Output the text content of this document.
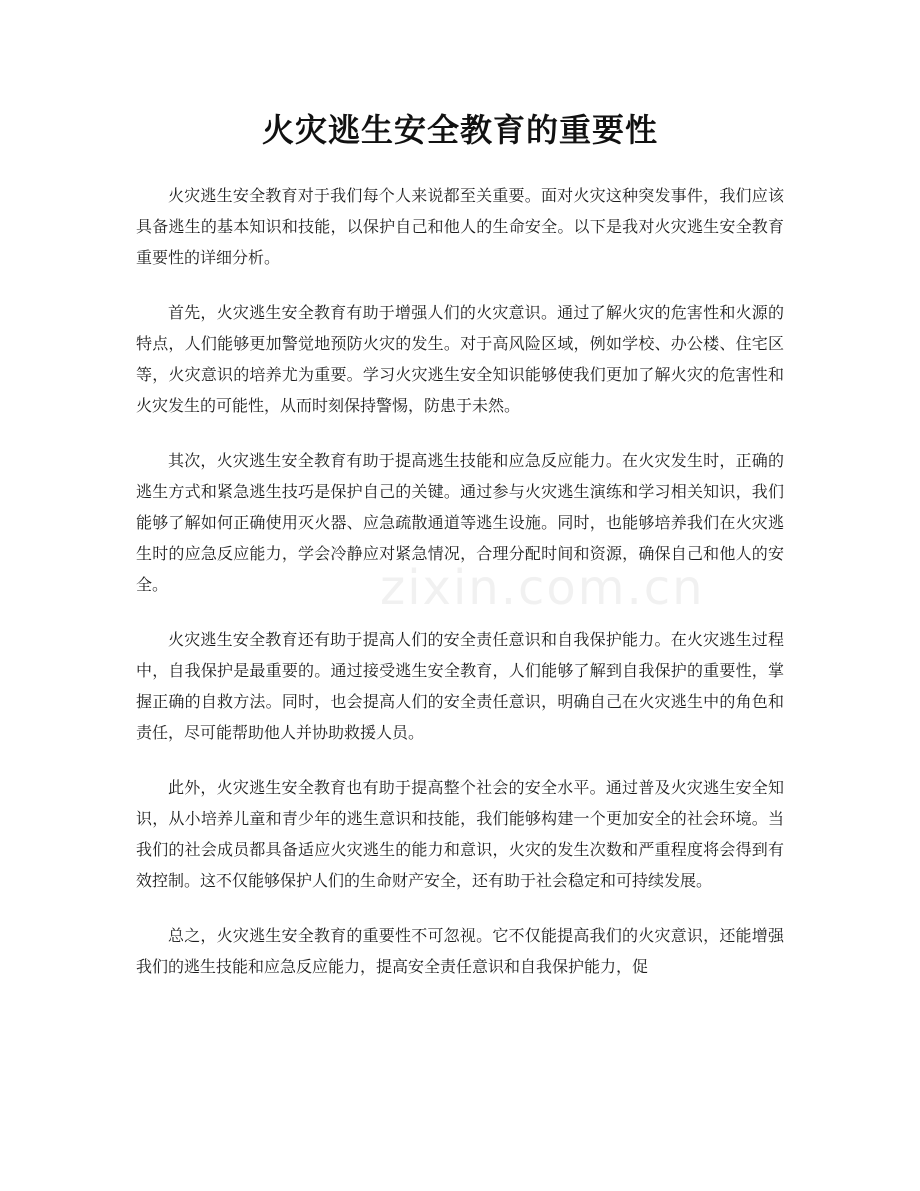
火灾逃生安全教育的重要性

火灾逃生安全教育对于我们每个人来说都至关重要。面对火灾这种突发事件，我们应该具备逃生的基本知识和技能，以保护自己和他人的生命安全。以下是我对火灾逃生安全教育重要性的详细分析。

首先，火灾逃生安全教育有助于增强人们的火灾意识。通过了解火灾的危害性和火源的特点，人们能够更加警觉地预防火灾的发生。对于高风险区域，例如学校、办公楼、住宅区等，火灾意识的培养尤为重要。学习火灾逃生安全知识能够使我们更加了解火灾的危害性和火灾发生的可能性，从而时刻保持警惕，防患于未然。

其次，火灾逃生安全教育有助于提高逃生技能和应急反应能力。在火灾发生时，正确的逃生方式和紧急逃生技巧是保护自己的关键。通过参与火灾逃生演练和学习相关知识，我们能够了解如何正确使用灭火器、应急疏散通道等逃生设施。同时，也能够培养我们在火灾逃生时的应急反应能力，学会冷静应对紧急情况，合理分配时间和资源，确保自己和他人的安全。

火灾逃生安全教育还有助于提高人们的安全责任意识和自我保护能力。在火灾逃生过程中，自我保护是最重要的。通过接受逃生安全教育，人们能够了解到自我保护的重要性，掌握正确的自救方法。同时，也会提高人们的安全责任意识，明确自己在火灾逃生中的角色和责任，尽可能帮助他人并协助救援人员。

此外，火灾逃生安全教育也有助于提高整个社会的安全水平。通过普及火灾逃生安全知识，从小培养儿童和青少年的逃生意识和技能，我们能够构建一个更加安全的社会环境。当我们的社会成员都具备适应火灾逃生的能力和意识，火灾的发生次数和严重程度将会得到有效控制。这不仅能够保护人们的生命财产安全，还有助于社会稳定和可持续发展。

总之，火灾逃生安全教育的重要性不可忽视。它不仅能提高我们的火灾意识，还能增强我们的逃生技能和应急反应能力，提高安全责任意识和自我保护能力，促

zixin.com.cn
